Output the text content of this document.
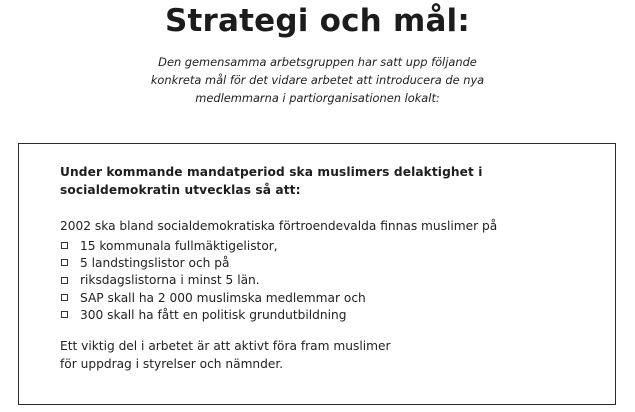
Strategi och mål:
Den gemensamma arbetsgruppen har satt upp följande
konkreta mål för det vidare arbetet att introducera de nya
medlemmarna i partiorganisationen lokalt:
Under kommande mandatperiod ska muslimers delaktighet i
socialdemokratin utvecklas så att:
2002 ska bland socialdemokratiska förtroendevalda finnas muslimer på
15 kommunala fullmäktigelistor,
5 landstingslistor och på
riksdagslistorna i minst 5 län.
SAP skall ha 2 000 muslimska medlemmar och
300 skall ha fått en politisk grundutbildning
Ett viktig del i arbetet är att aktivt föra fram muslimer
för uppdrag i styrelser och nämnder.
